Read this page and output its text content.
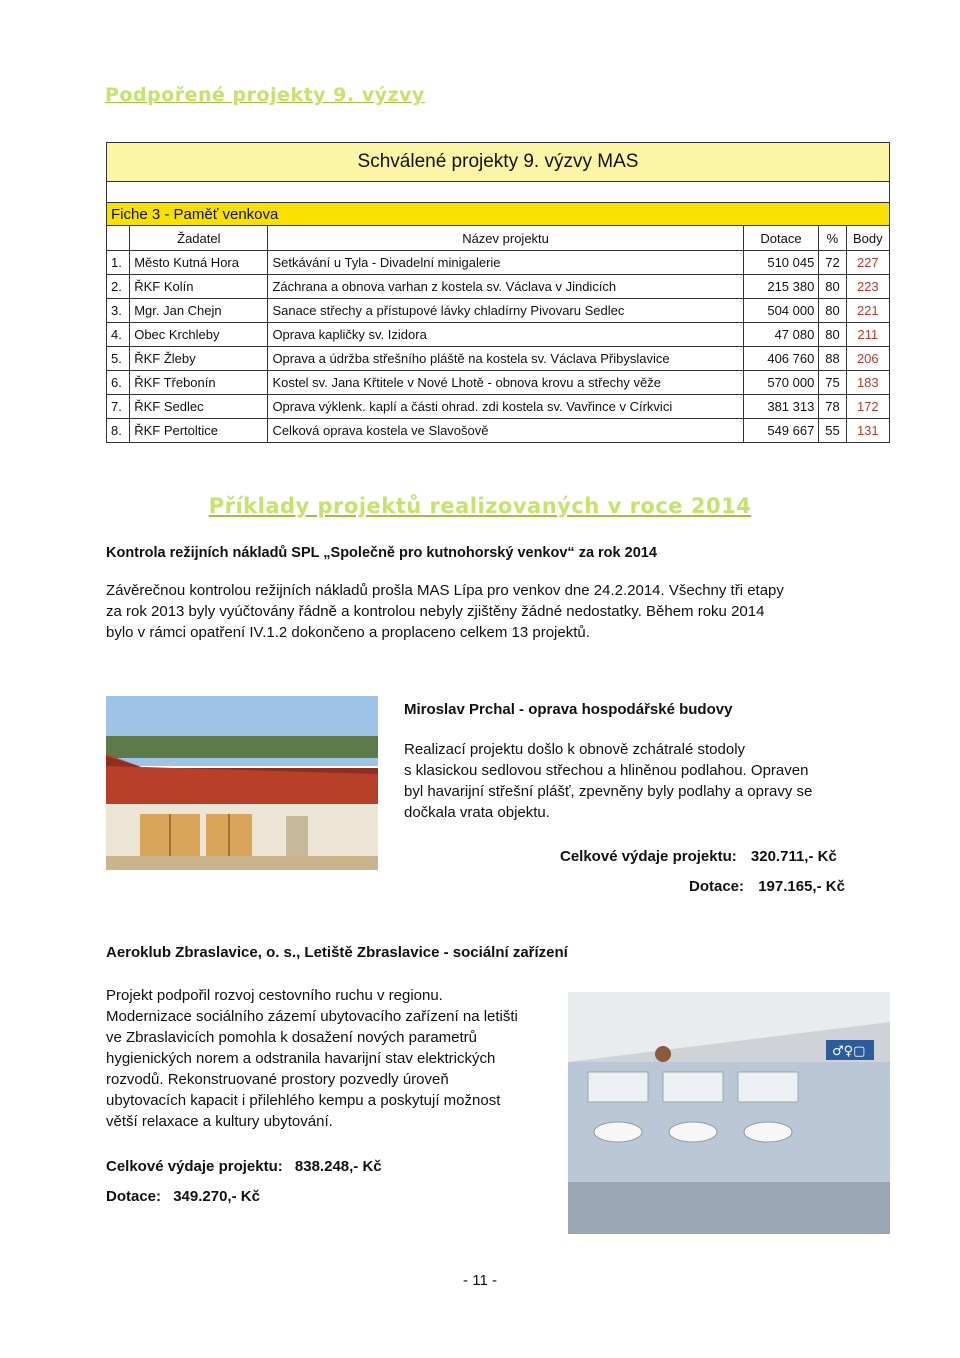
Podpořené projekty 9. výzvy
Schválené projekty 9. výzvy MAS					

Fiche 3 - Paměť venkova					
	Žadatel	Název projektu	Dotace	%	Body
1.	Město Kutná Hora	Setkávání u Tyla - Divadelní minigalerie	510 045	72	227
2.	ŘKF Kolín	Záchrana a obnova varhan z kostela sv. Václava v Jindicích	215 380	80	223
3.	Mgr. Jan Chejn	Sanace střechy a přístupové lávky chladírny Pivovaru Sedlec	504 000	80	221
4.	Obec Krchleby	Oprava kapličky sv. Izidora	47 080	80	211
5.	ŘKF Žleby	Oprava a údržba střešního pláště na kostela sv. Václava Přibyslavice	406 760	88	206
6.	ŘKF Třebonín	Kostel sv. Jana Křtitele v Nové Lhotě - obnova krovu a střechy věže	570 000	75	183
7.	ŘKF Sedlec	Oprava výklenk. kaplí a části ohrad. zdi kostela sv. Vavřince v Církvici	381 313	78	172
8.	ŘKF Pertoltice	Celková oprava kostela ve Slavošově	549 667	55	131
Příklady projektů realizovaných v roce 2014
Kontrola režijních nákladů SPL „Společně pro kutnohorský venkov“ za rok 2014
Závěrečnou kontrolou režijních nákladů prošla MAS Lípa pro venkov dne 24.2.2014. Všechny tři etapy
za rok 2013 byly vyúčtovány řádně a kontrolou nebyly zjištěny žádné nedostatky. Během roku 2014
bylo v rámci opatření IV.1.2 dokončeno a proplaceno celkem 13 projektů.
Miroslav Prchal - oprava hospodářské budovy
Realizací projektu došlo k obnově zchátralé stodoly
s klasickou sedlovou střechou a hliněnou podlahou. Opraven
byl havarijní střešní plášť, zpevněny byly podlahy a opravy se
dočkala vrata objektu.
Celkové výdaje projektu: 320.711,- Kč
Dotace: 197.165,- Kč
Aeroklub Zbraslavice, o. s., Letiště Zbraslavice - sociální zařízení
Projekt podpořil rozvoj cestovního ruchu v regionu.
Modernizace sociálního zázemí ubytovacího zařízení na letišti
ve Zbraslavicích pomohla k dosažení nových parametrů
hygienických norem a odstranila havarijní stav elektrických
rozvodů. Rekonstruované prostory pozvedly úroveň
ubytovacích kapacit i přilehlého kempu a poskytují možnost
větší relaxace a kultury ubytování.
♂♀▢
Celkové výdaje projektu: 838.248,- Kč
Dotace: 349.270,- Kč
- 11 -
